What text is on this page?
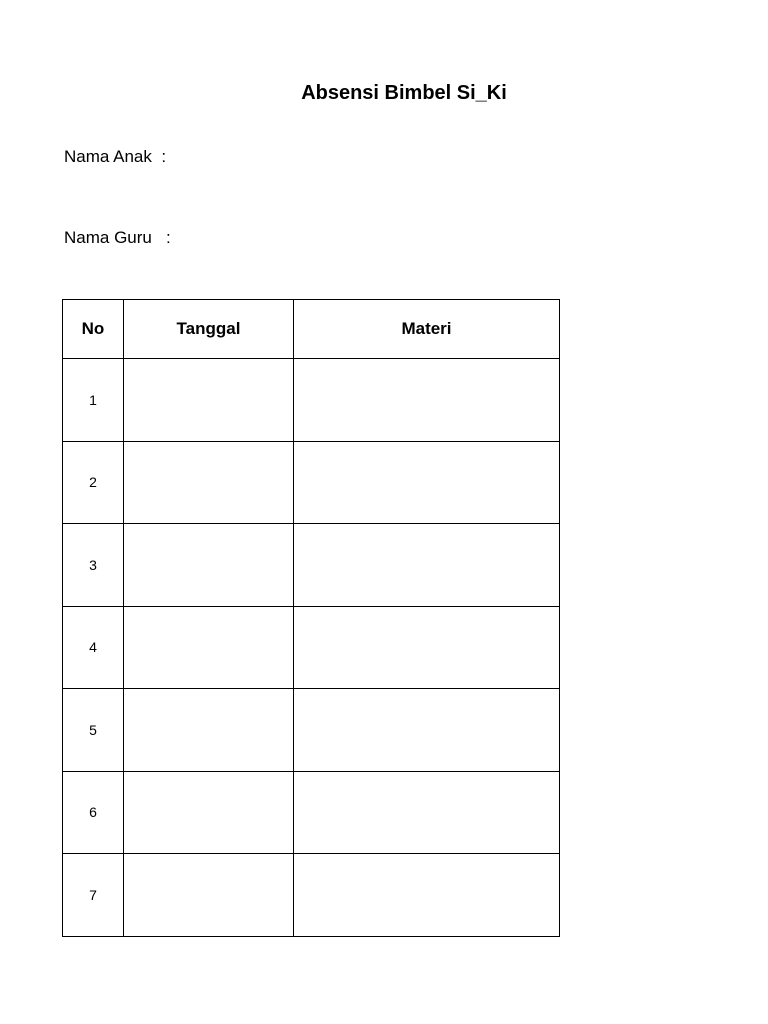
Absensi Bimbel Si_Ki
Nama Anak  :
Nama Guru   :
No	Tanggal	Materi
1		
2		
3		
4		
5		
6		
7		
